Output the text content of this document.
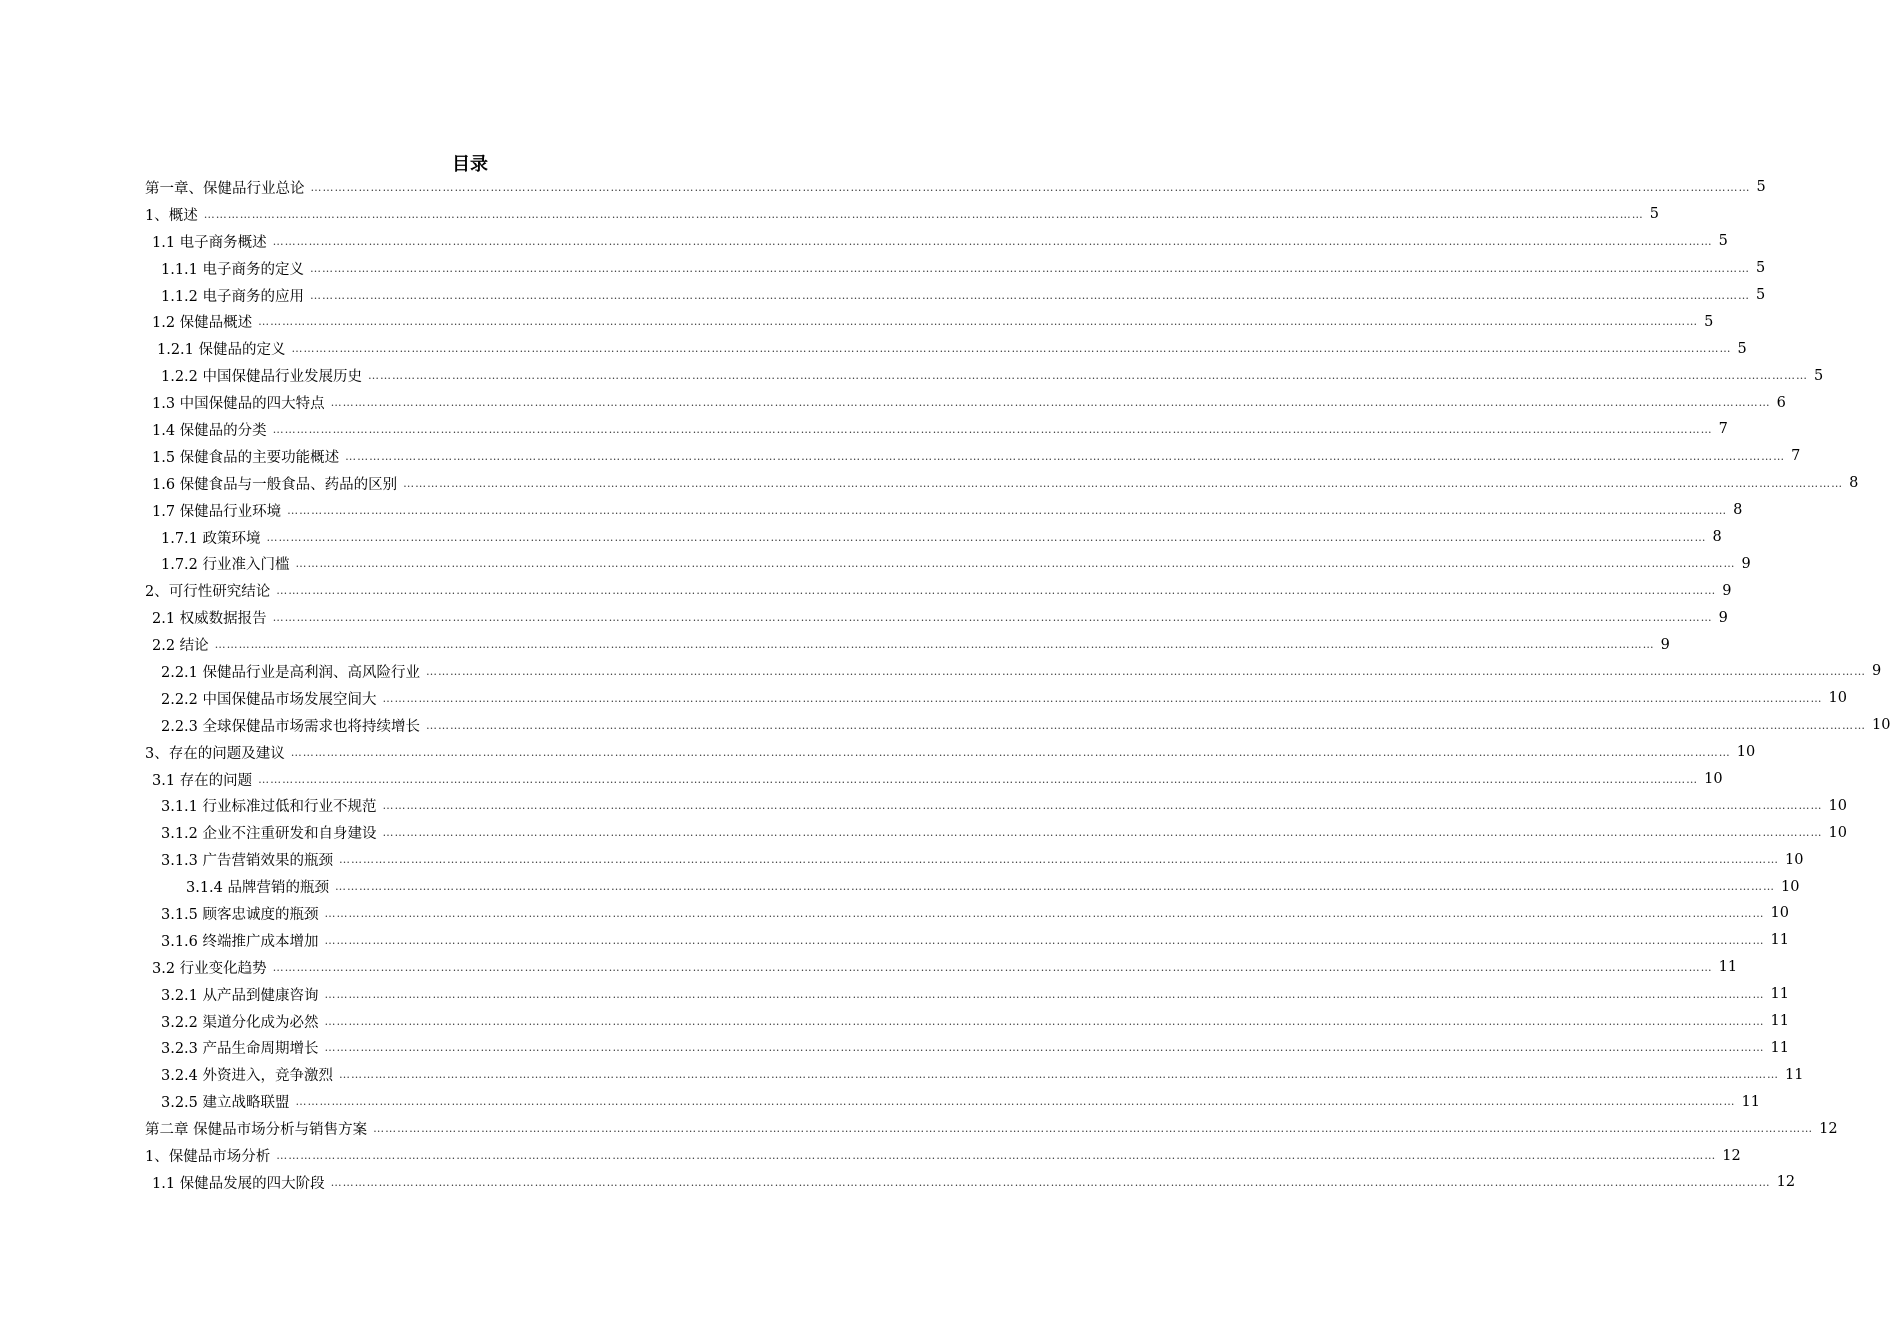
目录
第一章、保健品行业总论 ……………………………………………………………………………………………………………………………………………………………………………………………………………………………………………………………………………………………………………………………… 5
1、概述 ……………………………………………………………………………………………………………………………………………………………………………………………………………………………………………………………………………………………………………………………… 5
1.1 电子商务概述 ……………………………………………………………………………………………………………………………………………………………………………………………………………………………………………………………………………………………………………………………… 5
1.1.1 电子商务的定义 ……………………………………………………………………………………………………………………………………………………………………………………………………………………………………………………………………………………………………………………………… 5
1.1.2 电子商务的应用 ……………………………………………………………………………………………………………………………………………………………………………………………………………………………………………………………………………………………………………………………… 5
1.2 保健品概述 ……………………………………………………………………………………………………………………………………………………………………………………………………………………………………………………………………………………………………………………………… 5
1.2.1 保健品的定义 ……………………………………………………………………………………………………………………………………………………………………………………………………………………………………………………………………………………………………………………………… 5
1.2.2 中国保健品行业发展历史 ……………………………………………………………………………………………………………………………………………………………………………………………………………………………………………………………………………………………………………………………… 5
1.3 中国保健品的四大特点 ……………………………………………………………………………………………………………………………………………………………………………………………………………………………………………………………………………………………………………………………… 6
1.4 保健品的分类 ……………………………………………………………………………………………………………………………………………………………………………………………………………………………………………………………………………………………………………………………… 7
1.5 保健食品的主要功能概述 ……………………………………………………………………………………………………………………………………………………………………………………………………………………………………………………………………………………………………………………………… 7
1.6 保健食品与一般食品、药品的区别 ……………………………………………………………………………………………………………………………………………………………………………………………………………………………………………………………………………………………………………………………… 8
1.7 保健品行业环境 ……………………………………………………………………………………………………………………………………………………………………………………………………………………………………………………………………………………………………………………………… 8
1.7.1 政策环境 ……………………………………………………………………………………………………………………………………………………………………………………………………………………………………………………………………………………………………………………………… 8
1.7.2 行业准入门槛 ……………………………………………………………………………………………………………………………………………………………………………………………………………………………………………………………………………………………………………………………… 9
2、可行性研究结论 ……………………………………………………………………………………………………………………………………………………………………………………………………………………………………………………………………………………………………………………………… 9
2.1 权威数据报告 ……………………………………………………………………………………………………………………………………………………………………………………………………………………………………………………………………………………………………………………………… 9
2.2 结论 ……………………………………………………………………………………………………………………………………………………………………………………………………………………………………………………………………………………………………………………………… 9
2.2.1 保健品行业是高利润、高风险行业 ……………………………………………………………………………………………………………………………………………………………………………………………………………………………………………………………………………………………………………………………… 9
2.2.2 中国保健品市场发展空间大 ……………………………………………………………………………………………………………………………………………………………………………………………………………………………………………………………………………………………………………………………… 10
2.2.3 全球保健品市场需求也将持续增长 ……………………………………………………………………………………………………………………………………………………………………………………………………………………………………………………………………………………………………………………………… 10
3、存在的问题及建议 ……………………………………………………………………………………………………………………………………………………………………………………………………………………………………………………………………………………………………………………………… 10
3.1 存在的问题 ……………………………………………………………………………………………………………………………………………………………………………………………………………………………………………………………………………………………………………………………… 10
3.1.1 行业标准过低和行业不规范 ……………………………………………………………………………………………………………………………………………………………………………………………………………………………………………………………………………………………………………………………… 10
3.1.2 企业不注重研发和自身建设 ……………………………………………………………………………………………………………………………………………………………………………………………………………………………………………………………………………………………………………………………… 10
3.1.3 广告营销效果的瓶颈 ……………………………………………………………………………………………………………………………………………………………………………………………………………………………………………………………………………………………………………………………… 10
3.1.4 品牌营销的瓶颈 ……………………………………………………………………………………………………………………………………………………………………………………………………………………………………………………………………………………………………………………………… 10
3.1.5 顾客忠诚度的瓶颈 ……………………………………………………………………………………………………………………………………………………………………………………………………………………………………………………………………………………………………………………………… 10
3.1.6 终端推广成本增加 ……………………………………………………………………………………………………………………………………………………………………………………………………………………………………………………………………………………………………………………………… 11
3.2 行业变化趋势 ……………………………………………………………………………………………………………………………………………………………………………………………………………………………………………………………………………………………………………………………… 11
3.2.1 从产品到健康咨询 ……………………………………………………………………………………………………………………………………………………………………………………………………………………………………………………………………………………………………………………………… 11
3.2.2 渠道分化成为必然 ……………………………………………………………………………………………………………………………………………………………………………………………………………………………………………………………………………………………………………………………… 11
3.2.3 产品生命周期增长 ……………………………………………………………………………………………………………………………………………………………………………………………………………………………………………………………………………………………………………………………… 11
3.2.4 外资进入，竞争激烈 ……………………………………………………………………………………………………………………………………………………………………………………………………………………………………………………………………………………………………………………………… 11
3.2.5 建立战略联盟 ……………………………………………………………………………………………………………………………………………………………………………………………………………………………………………………………………………………………………………………………… 11
第二章 保健品市场分析与销售方案 ……………………………………………………………………………………………………………………………………………………………………………………………………………………………………………………………………………………………………………………………… 12
1、保健品市场分析 ……………………………………………………………………………………………………………………………………………………………………………………………………………………………………………………………………………………………………………………………… 12
1.1 保健品发展的四大阶段 ……………………………………………………………………………………………………………………………………………………………………………………………………………………………………………………………………………………………………………………………… 12
